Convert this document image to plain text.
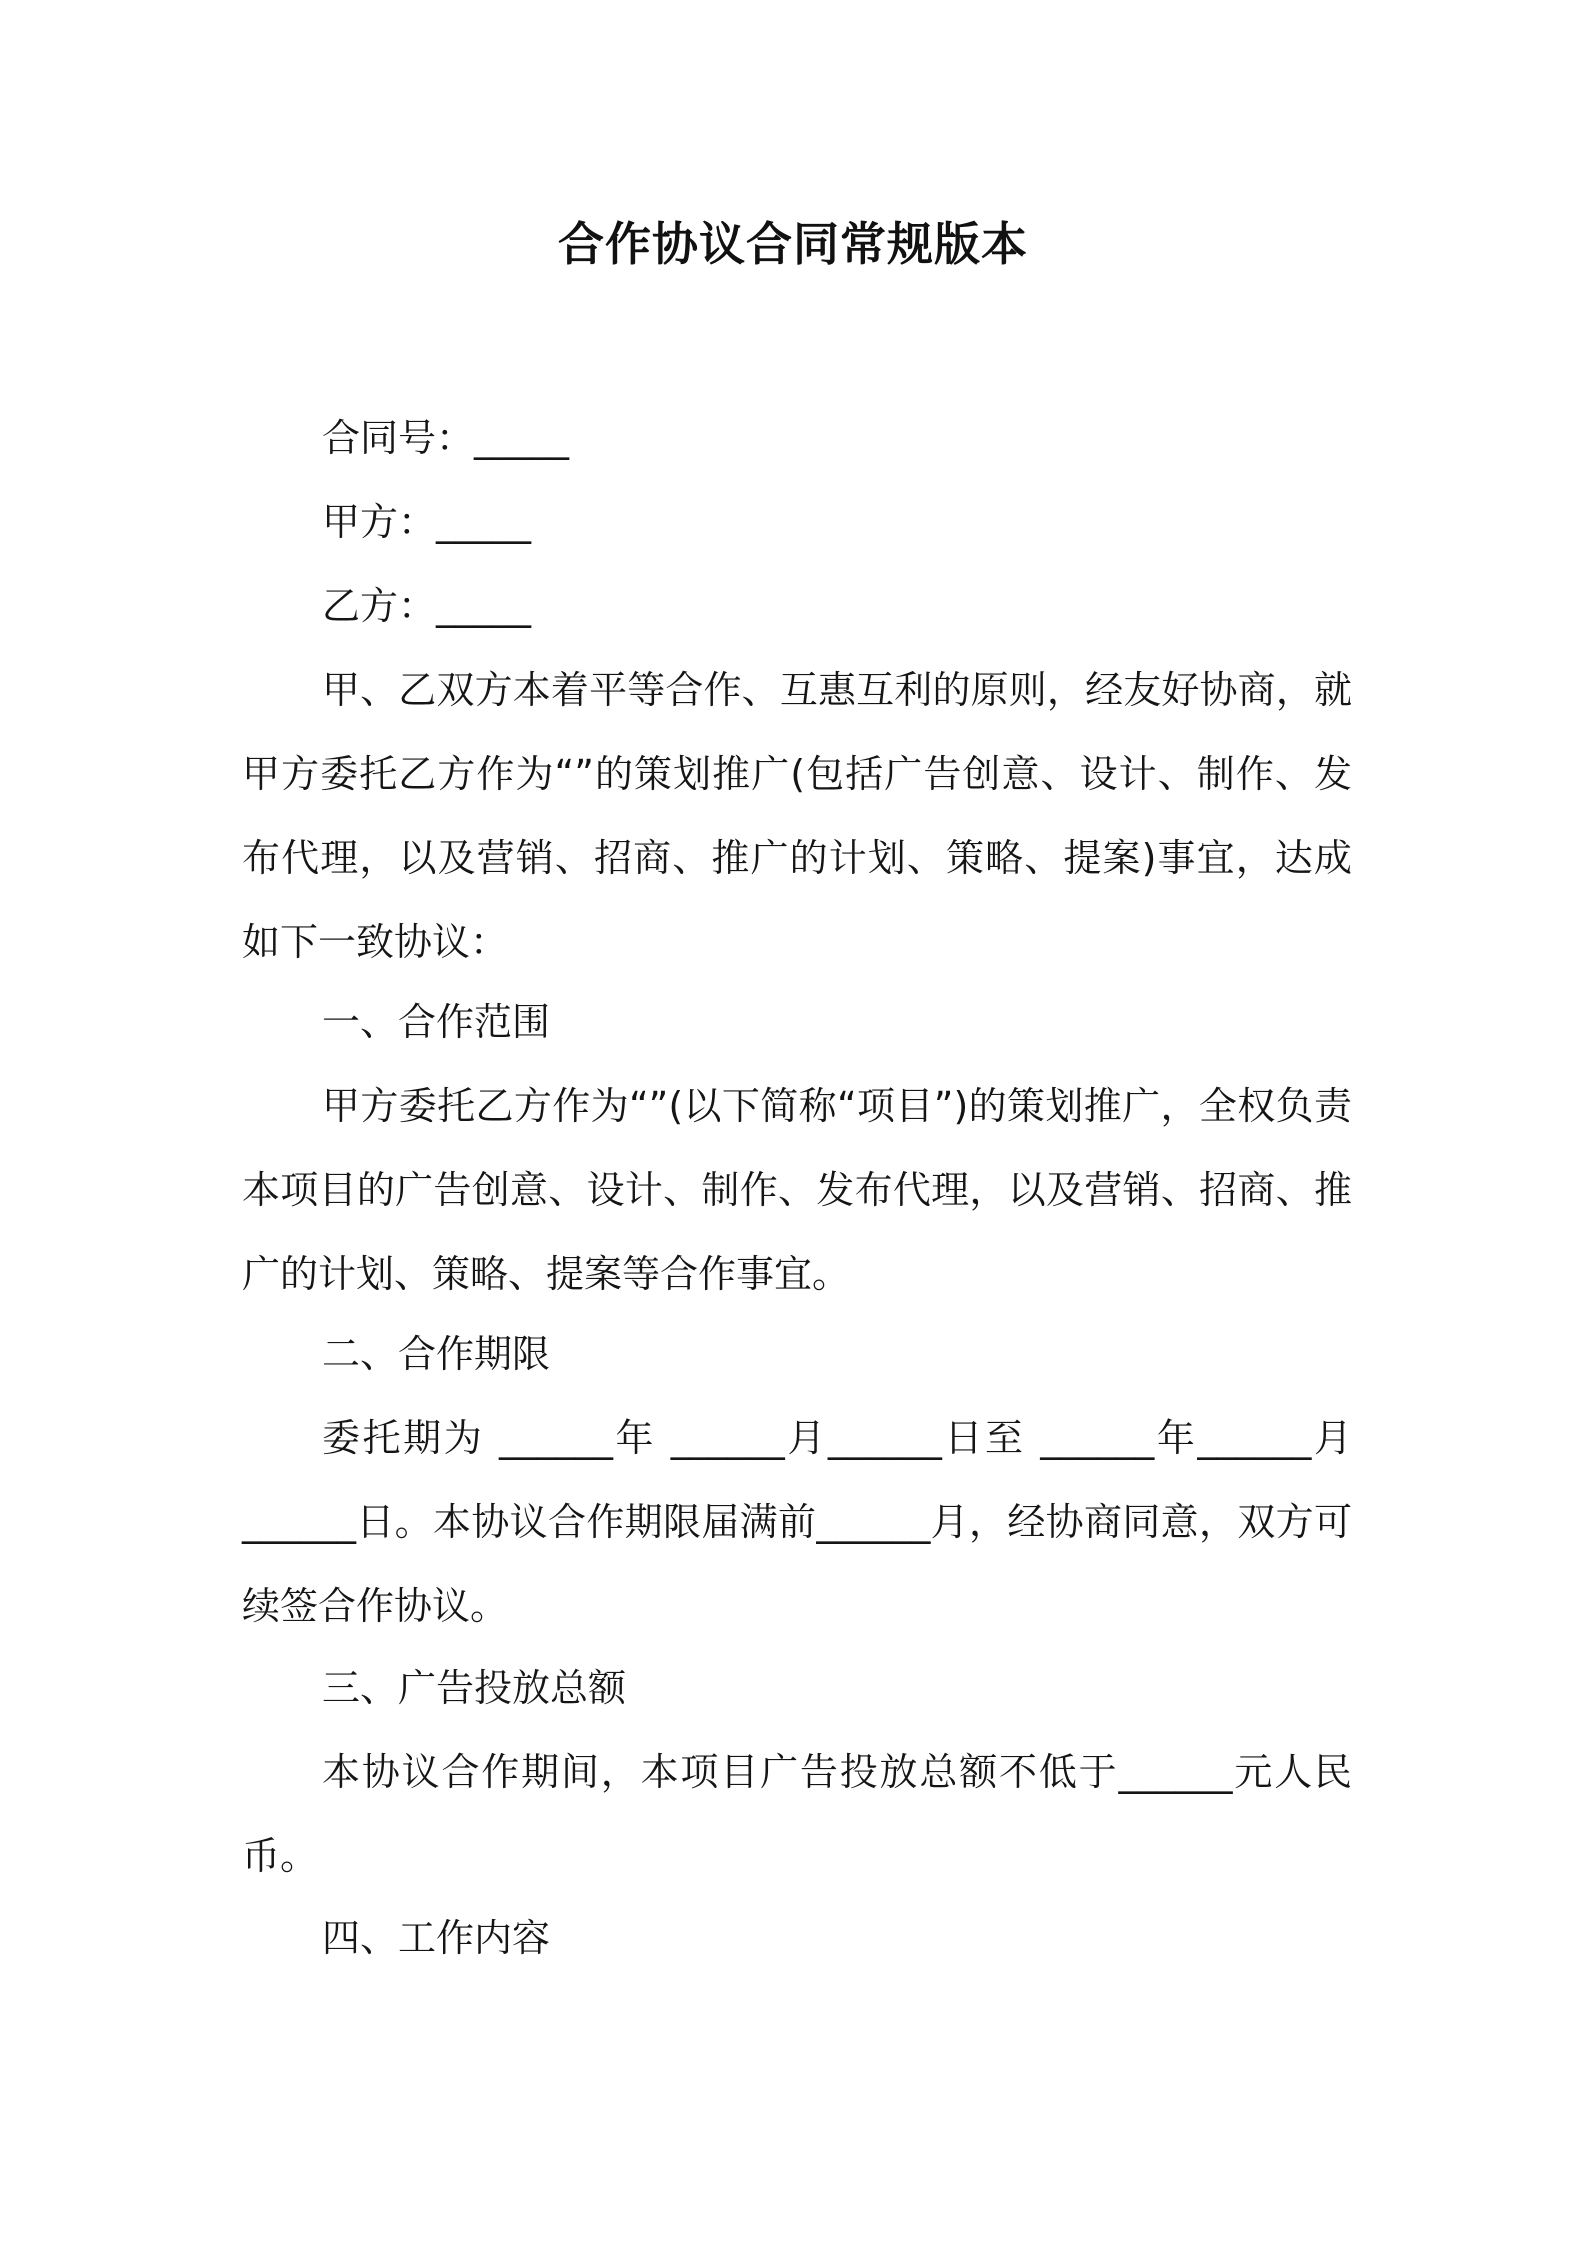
合作协议合同常规版本
合同号：_____
甲方：_____
乙方：_____
甲、乙双方本着平等合作、互惠互利的原则，经友好协商，就甲方委托乙方作为“”的策划推广(包括广告创意、设计、制作、发布代理，以及营销、招商、推广的计划、策略、提案)事宜，达成如下一致协议：
一、合作范围
甲方委托乙方作为“”(以下简称“项目”)的策划推广，全权负责本项目的广告创意、设计、制作、发布代理，以及营销、招商、推广的计划、策略、提案等合作事宜。
二、合作期限
委托期为 ______年 ______月______日至 ______年______月______日。本协议合作期限届满前______月，经协商同意，双方可续签合作协议。
三、广告投放总额
本协议合作期间，本项目广告投放总额不低于______元人民币。
四、工作内容
